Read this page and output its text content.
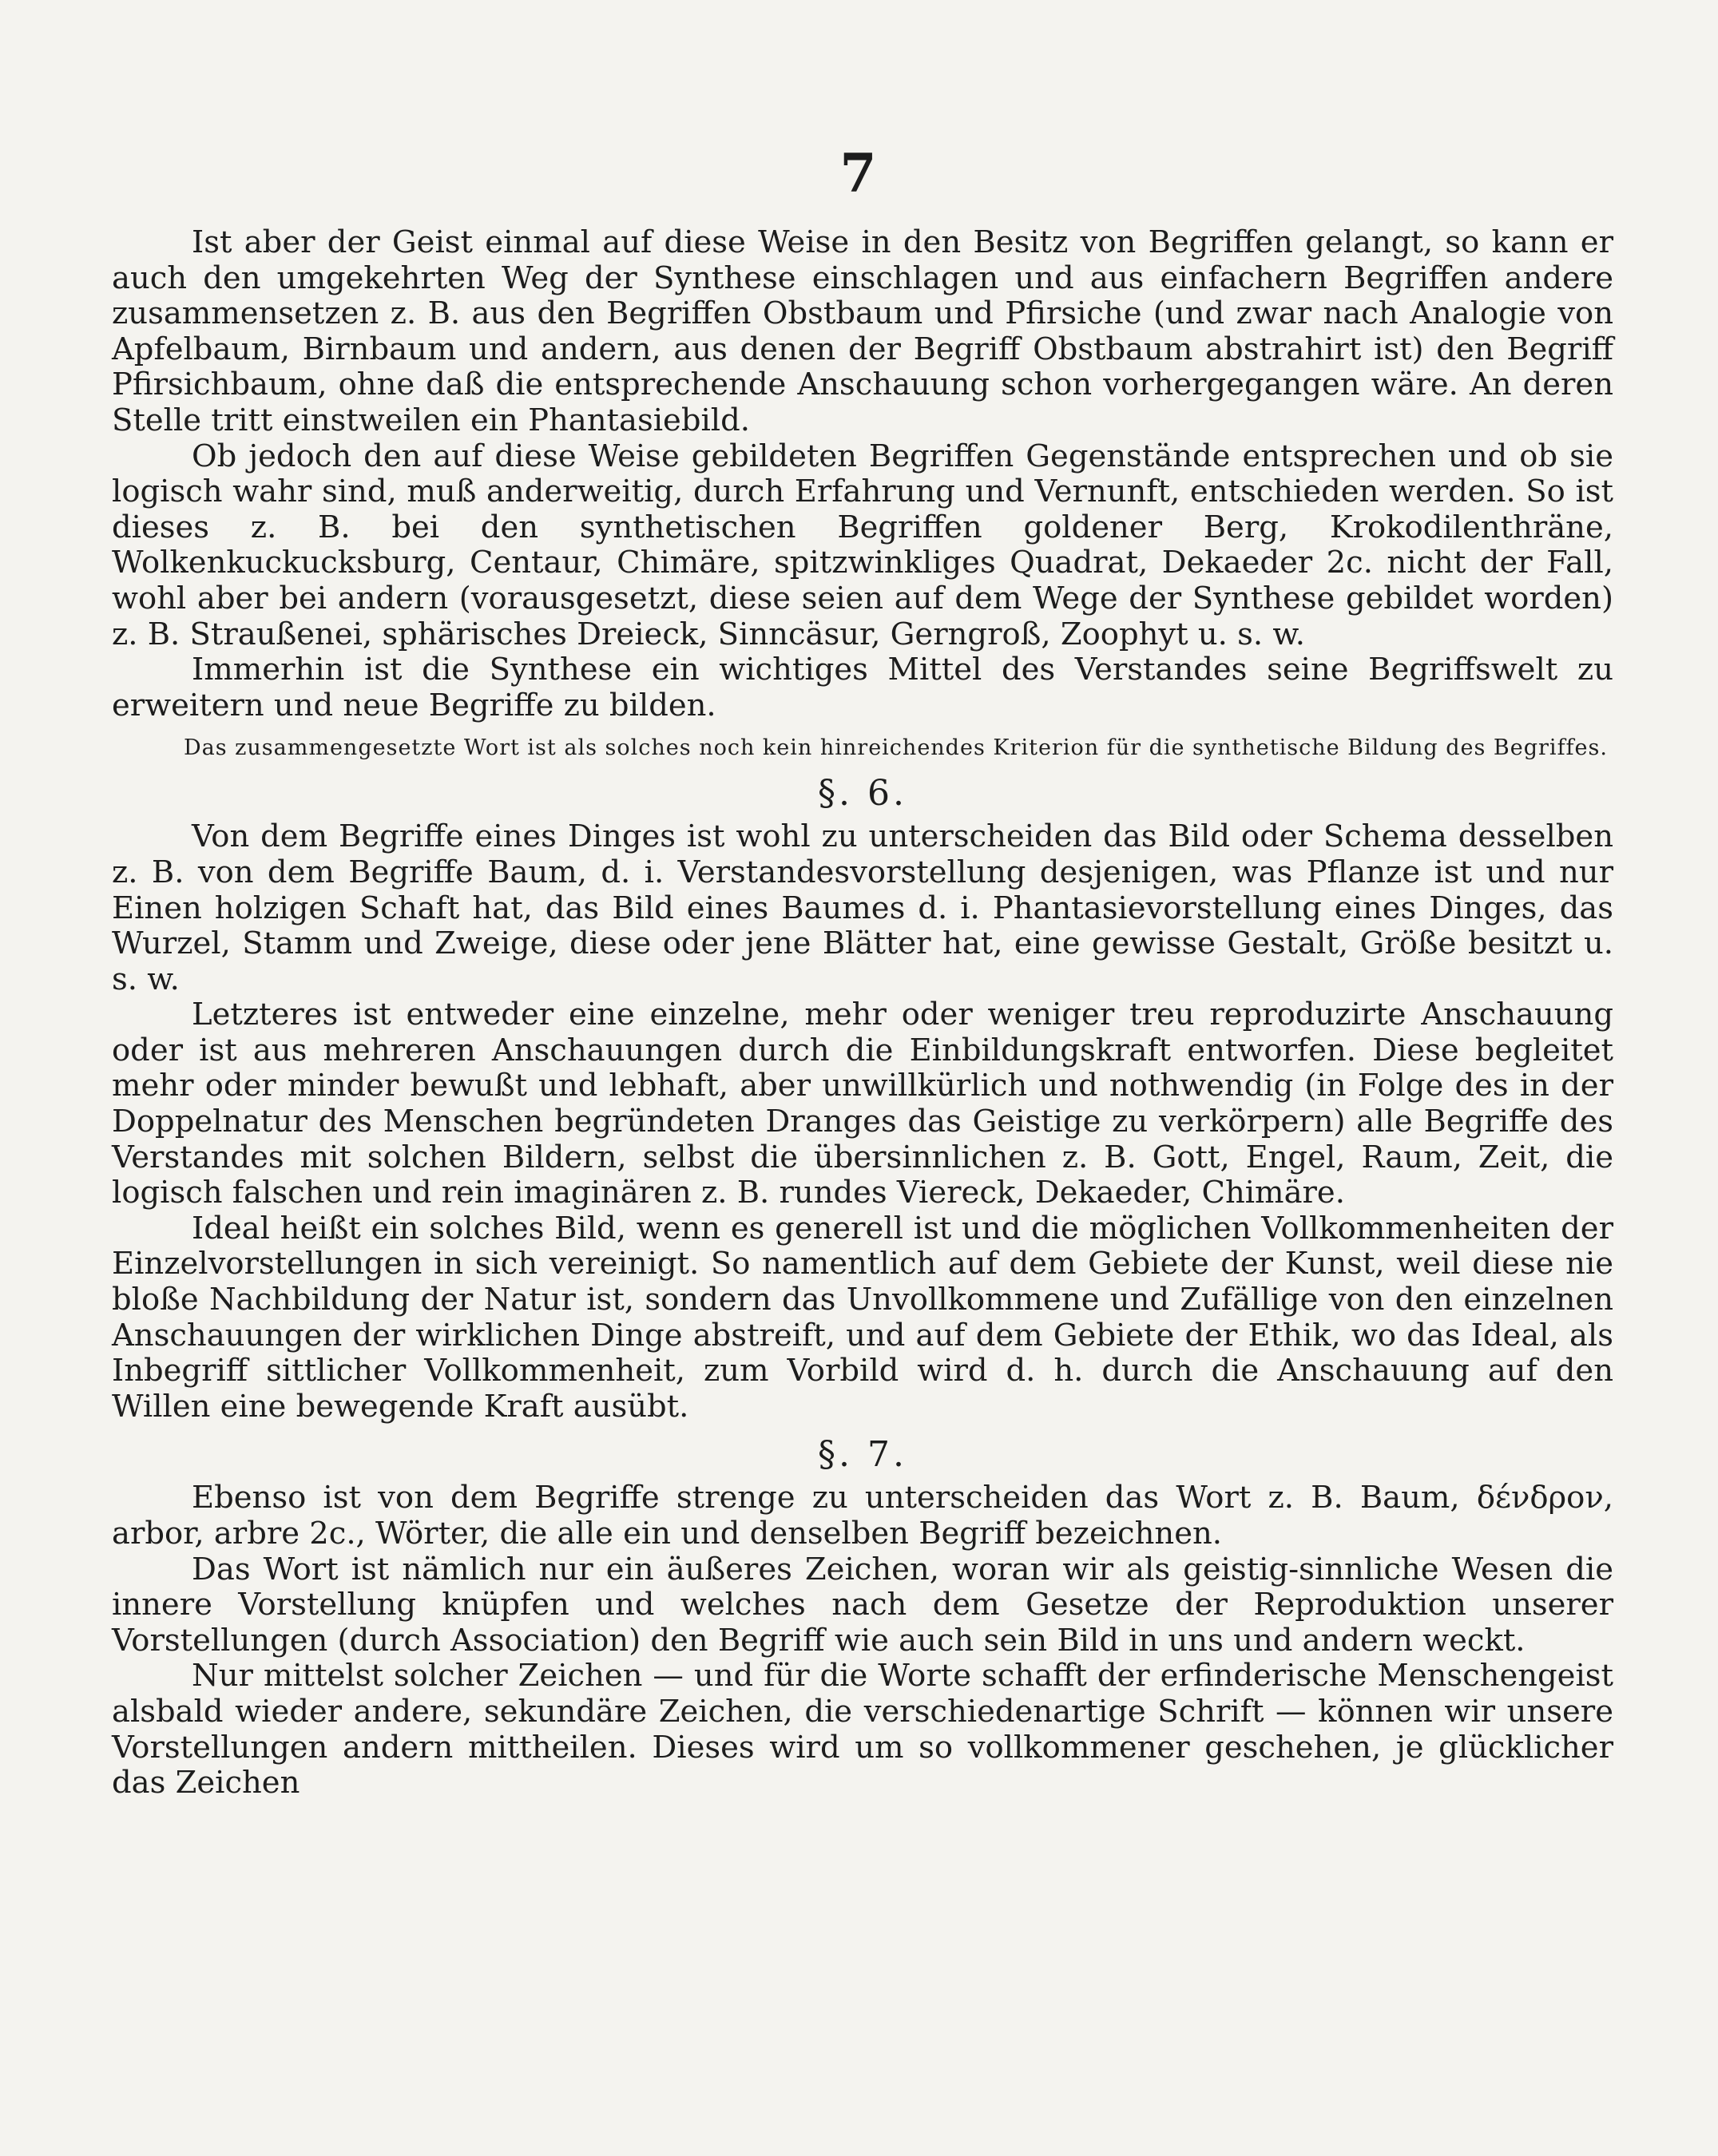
7

Ist aber der Geist einmal auf diese Weise in den Besitz von Begriffen gelangt, so kann er auch den umgekehrten Weg der Synthese einschlagen und aus einfachern Begriffen andere zusammensetzen z. B. aus den Begriffen Obstbaum und Pfirsiche (und zwar nach Analogie von Apfelbaum, Birnbaum und andern, aus denen der Begriff Obstbaum abstrahirt ist) den Begriff Pfirsichbaum, ohne daß die entsprechende Anschauung schon vorhergegangen wäre. An deren Stelle tritt einstweilen ein Phantasiebild.

Ob jedoch den auf diese Weise gebildeten Begriffen Gegenstände entsprechen und ob sie logisch wahr sind, muß anderweitig, durch Erfahrung und Vernunft, entschieden werden. So ist dieses z. B. bei den synthetischen Begriffen goldener Berg, Krokodilenthräne, Wolkenkuckucksburg, Centaur, Chimäre, spitzwinkliges Quadrat, Dekaeder 2c. nicht der Fall, wohl aber bei andern (vorausgesetzt, diese seien auf dem Wege der Synthese gebildet worden) z. B. Straußenei, sphärisches Dreieck, Sinncäsur, Gerngroß, Zoophyt u. s. w.

Immerhin ist die Synthese ein wichtiges Mittel des Verstandes seine Begriffswelt zu erweitern und neue Begriffe zu bilden.

Das zusammengesetzte Wort ist als solches noch kein hinreichendes Kriterion für die synthetische Bildung des Begriffes.

§. 6.

Von dem Begriffe eines Dinges ist wohl zu unterscheiden das Bild oder Schema desselben z. B. von dem Begriffe Baum, d. i. Verstandesvorstellung desjenigen, was Pflanze ist und nur Einen holzigen Schaft hat, das Bild eines Baumes d. i. Phantasievorstellung eines Dinges, das Wurzel, Stamm und Zweige, diese oder jene Blätter hat, eine gewisse Gestalt, Größe besitzt u. s. w.

Letzteres ist entweder eine einzelne, mehr oder weniger treu reproduzirte Anschauung oder ist aus mehreren Anschauungen durch die Einbildungskraft entworfen. Diese begleitet mehr oder minder bewußt und lebhaft, aber unwillkürlich und nothwendig (in Folge des in der Doppelnatur des Menschen begründeten Dranges das Geistige zu verkörpern) alle Begriffe des Verstandes mit solchen Bildern, selbst die übersinnlichen z. B. Gott, Engel, Raum, Zeit, die logisch falschen und rein imaginären z. B. rundes Viereck, Dekaeder, Chimäre.

Ideal heißt ein solches Bild, wenn es generell ist und die möglichen Vollkommenheiten der Einzelvorstellungen in sich vereinigt. So namentlich auf dem Gebiete der Kunst, weil diese nie bloße Nachbildung der Natur ist, sondern das Unvollkommene und Zufällige von den einzelnen Anschauungen der wirklichen Dinge abstreift, und auf dem Gebiete der Ethik, wo das Ideal, als Inbegriff sittlicher Vollkommenheit, zum Vorbild wird d. h. durch die Anschauung auf den Willen eine bewegende Kraft ausübt.

§. 7.

Ebenso ist von dem Begriffe strenge zu unterscheiden das Wort z. B. Baum, δένδρον, arbor, arbre 2c., Wörter, die alle ein und denselben Begriff bezeichnen.

Das Wort ist nämlich nur ein äußeres Zeichen, woran wir als geistig-sinnliche Wesen die innere Vorstellung knüpfen und welches nach dem Gesetze der Reproduktion unserer Vorstellungen (durch Association) den Begriff wie auch sein Bild in uns und andern weckt.

Nur mittelst solcher Zeichen — und für die Worte schafft der erfinderische Menschengeist alsbald wieder andere, sekundäre Zeichen, die verschiedenartige Schrift — können wir unsere Vorstellungen andern mittheilen. Dieses wird um so vollkommener geschehen, je glücklicher das Zeichen
